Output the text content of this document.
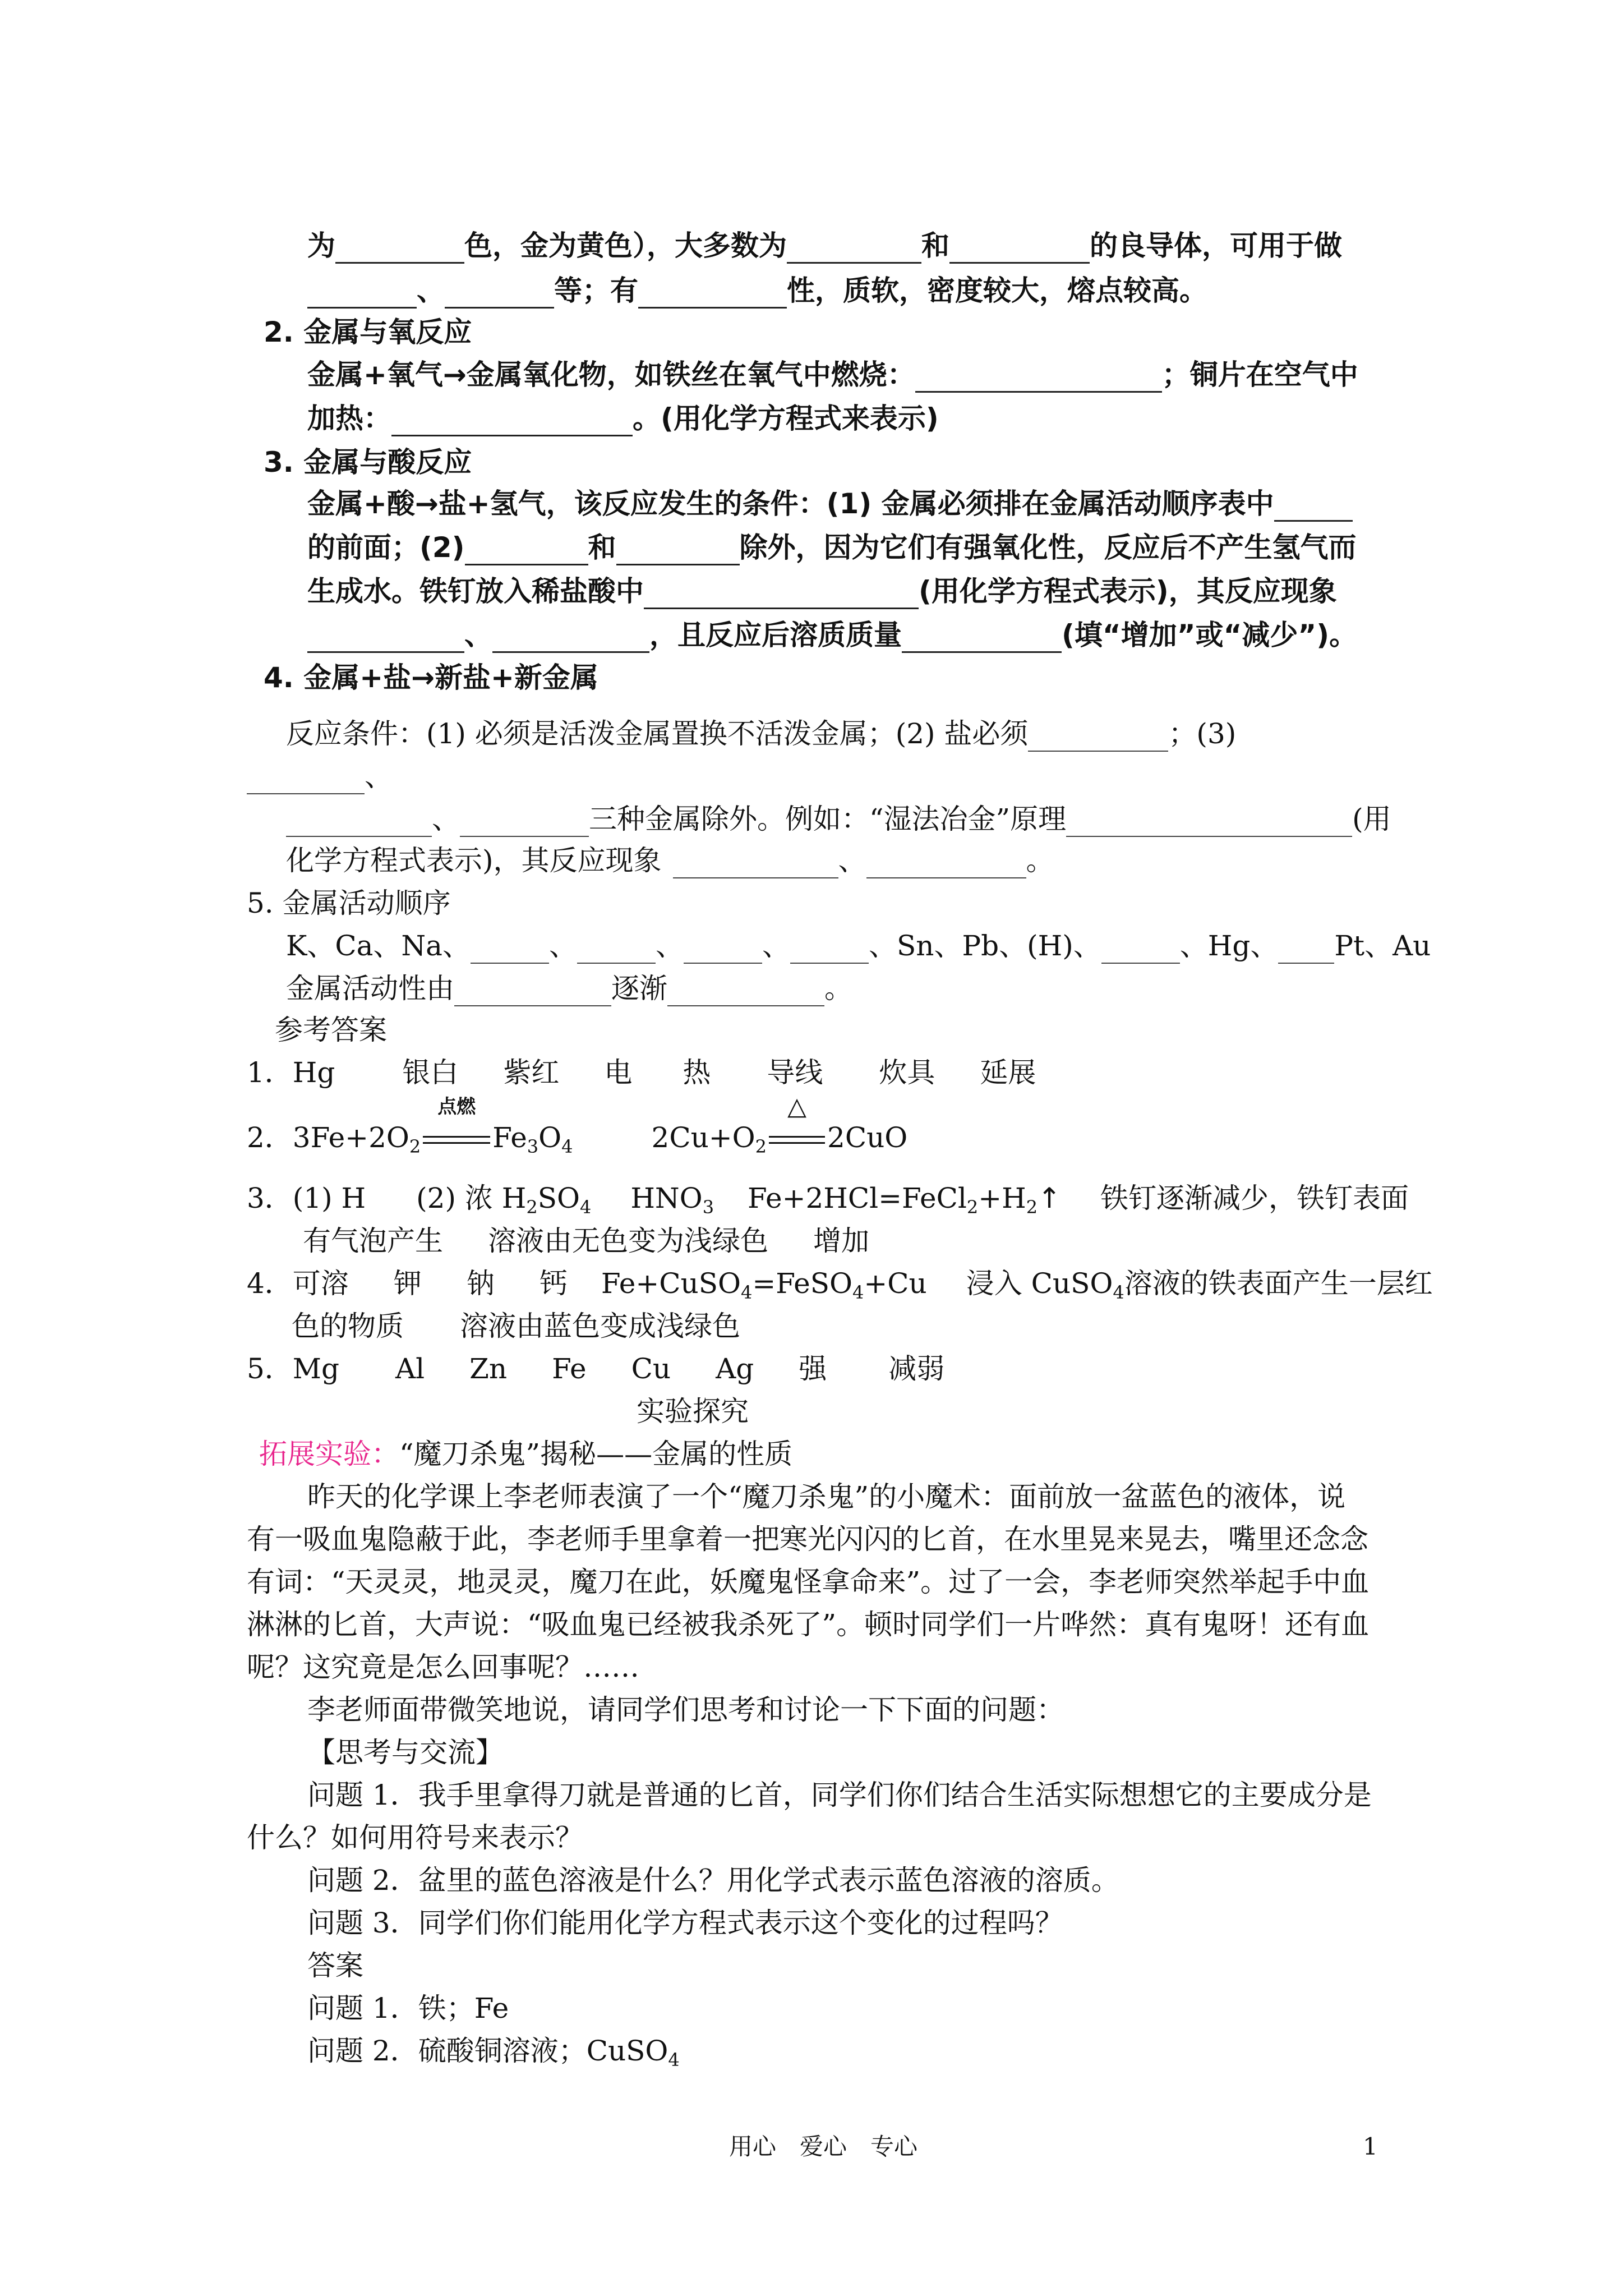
为	色，金为黄色），大多数为	和	的良导体，可用于做
、	等；有	性，质软，密度较大，熔点较高。
2. 金属与氧反应
金属+氧气→金属氧化物，如铁丝在氧气中燃烧：	；铜片在空气中
加热：	。(用化学方程式来表示)
3. 金属与酸反应
金属+酸→盐+氢气，该反应发生的条件：(1) 金属必须排在金属活动顺序表中
的前面；(2)	和	除外，因为它们有强氧化性，反应后不产生氢气而
生成水。铁钉放入稀盐酸中	(用化学方程式表示)，其反应现象
、	，且反应后溶质质量	(填“增加”或“减少”)。
4. 金属+盐→新盐+新金属
反应条件：(1) 必须是活泼金属置换不活泼金属；(2) 盐必须	；(3)
、
、	三种金属除外。例如：“湿法冶金”原理	(用
化学方程式表示)，其反应现象	、	。
5. 金属活动顺序
K、Ca、Na、	、	、	、	、Sn、Pb、(H)、	、Hg、 Pt、Au
金属活动性由	逐渐	。
参考答案
1．Hg 银白 紫红 电 热 导线 炊具 延展
2．$3Fe+2O_2$
点燃
$Fe_3O_4$	$2Cu+O_2$
△
2CuO
3．(1) H (2) 浓 $H_2SO_4$ $HNO_3$ $Fe+2HCl=FeCl_2+H_2↑$ 铁钉逐渐减少，铁钉表面
有气泡产生 溶液由无色变为浅绿色 增加
4．可溶 钾 钠 钙 Fe+CuSO$_4$=FeSO$_4$+Cu 浸入 CuSO$_4$溶液的铁表面产生一层红
色的物质 溶液由蓝色变成浅绿色
5．Mg Al Zn Fe Cu Ag 强 减弱
实验探究
拓展实验：“魔刀杀鬼”揭秘——金属的性质
昨天的化学课上李老师表演了一个“魔刀杀鬼”的小魔术：面前放一盆蓝色的液体，说
有一吸血鬼隐蔽于此，李老师手里拿着一把寒光闪闪的匕首，在水里晃来晃去，嘴里还念念
有词：“天灵灵，地灵灵，魔刀在此，妖魔鬼怪拿命来”。过了一会，李老师突然举起手中血
淋淋的匕首，大声说：“吸血鬼已经被我杀死了”。顿时同学们一片哗然：真有鬼呀！还有血
呢？这究竟是怎么回事呢？……
李老师面带微笑地说，请同学们思考和讨论一下下面的问题：
【思考与交流】
问题 1．我手里拿得刀就是普通的匕首，同学们你们结合生活实际想想它的主要成分是
什么？如何用符号来表示？
问题 2．盆里的蓝色溶液是什么？用化学式表示蓝色溶液的溶质。
问题 3．同学们你们能用化学方程式表示这个变化的过程吗？
答案
问题 1．铁；Fe
问题 2．硫酸铜溶液；CuSO$_4$
用心　爱心　专心	1
